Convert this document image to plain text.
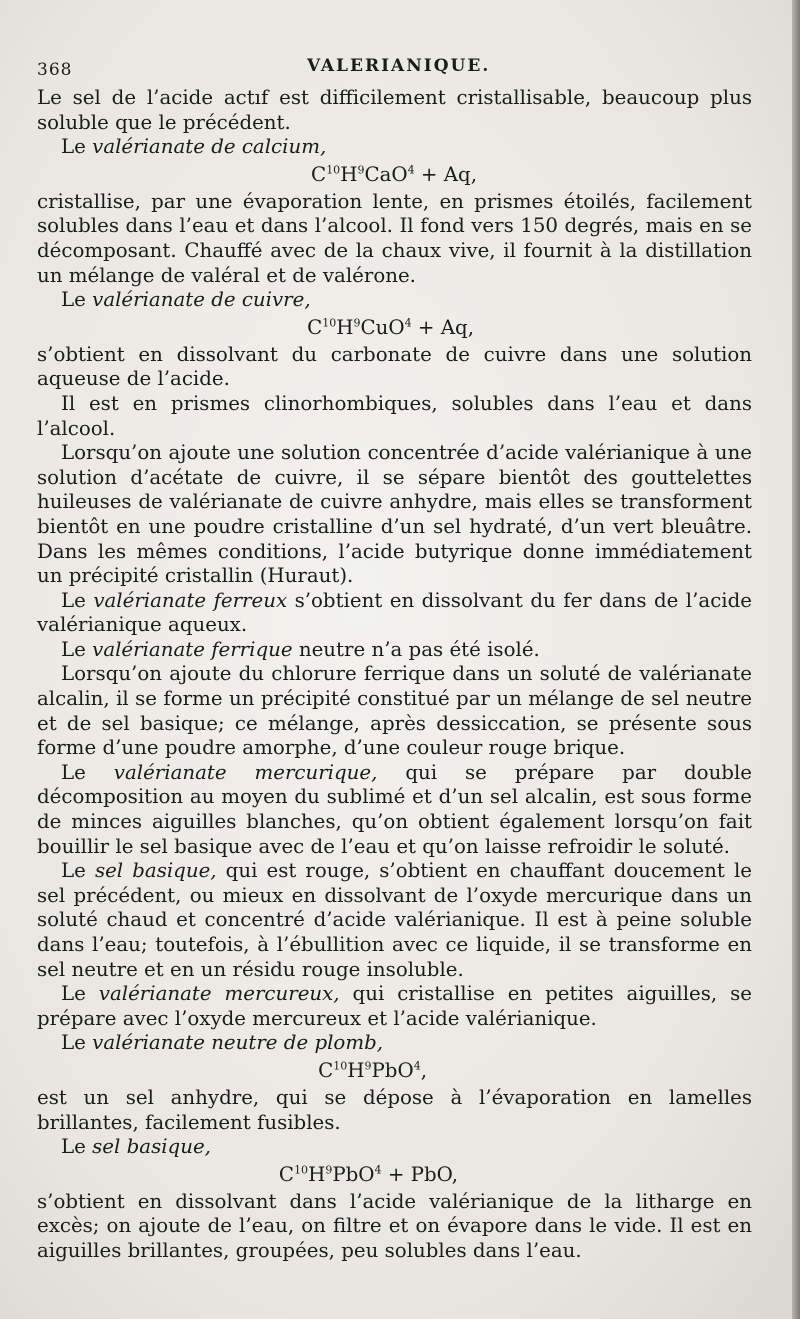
368	VALERIANIQUE.

Le sel de l’acide actıf est difficilement cristallisable, beaucoup plus soluble que le précédent.

Le valérianate de calcium,

$C^{10}H^9CaO^4 + Aq$,

cristallise, par une évaporation lente, en prismes étoilés, facilement solubles dans l’eau et dans l’alcool. Il fond vers 150 degrés, mais en se décomposant. Chauffé avec de la chaux vive, il fournit à la distillation un mélange de valéral et de valérone.

Le valérianate de cuivre,

$C^{10}H^9CuO^4 + Aq$,

s’obtient en dissolvant du carbonate de cuivre dans une solution aqueuse de l’acide.

Il est en prismes clinorhombiques, solubles dans l’eau et dans l’alcool.

Lorsqu’on ajoute une solution concentrée d’acide valérianique à une solution d’acétate de cuivre, il se sépare bientôt des gouttelettes huileuses de valérianate de cuivre anhydre, mais elles se transforment bientôt en une poudre cristalline d’un sel hydraté, d’un vert bleuâtre. Dans les mêmes conditions, l’acide butyrique donne immédiatement un précipité cristallin (Huraut).

Le valérianate ferreux s’obtient en dissolvant du fer dans de l’acide valérianique aqueux.

Le valérianate ferrique neutre n’a pas été isolé.

Lorsqu’on ajoute du chlorure ferrique dans un soluté de valérianate alcalin, il se forme un précipité constitué par un mélange de sel neutre et de sel basique; ce mélange, après dessiccation, se présente sous forme d’une poudre amorphe, d’une couleur rouge brique.

Le valérianate mercurique, qui se prépare par double décomposition au moyen du sublimé et d’un sel alcalin, est sous forme de minces aiguilles blanches, qu’on obtient également lorsqu’on fait bouillir le sel basique avec de l’eau et qu’on laisse refroidir le soluté.

Le sel basique, qui est rouge, s’obtient en chauffant doucement le sel précédent, ou mieux en dissolvant de l’oxyde mercurique dans un soluté chaud et concentré d’acide valérianique. Il est à peine soluble dans l’eau; toutefois, à l’ébullition avec ce liquide, il se transforme en sel neutre et en un résidu rouge insoluble.

Le valérianate mercureux, qui cristallise en petites aiguilles, se prépare avec l’oxyde mercureux et l’acide valérianique.

Le valérianate neutre de plomb,

$C^{10}H^9PbO^4$,

est un sel anhydre, qui se dépose à l’évaporation en lamelles brillantes, facilement fusibles.

Le sel basique,

$C^{10}H^9PbO^4$ + PbO,

s’obtient en dissolvant dans l’acide valérianique de la litharge en excès; on ajoute de l’eau, on filtre et on évapore dans le vide. Il est en aiguilles brillantes, groupées, peu solubles dans l’eau.
